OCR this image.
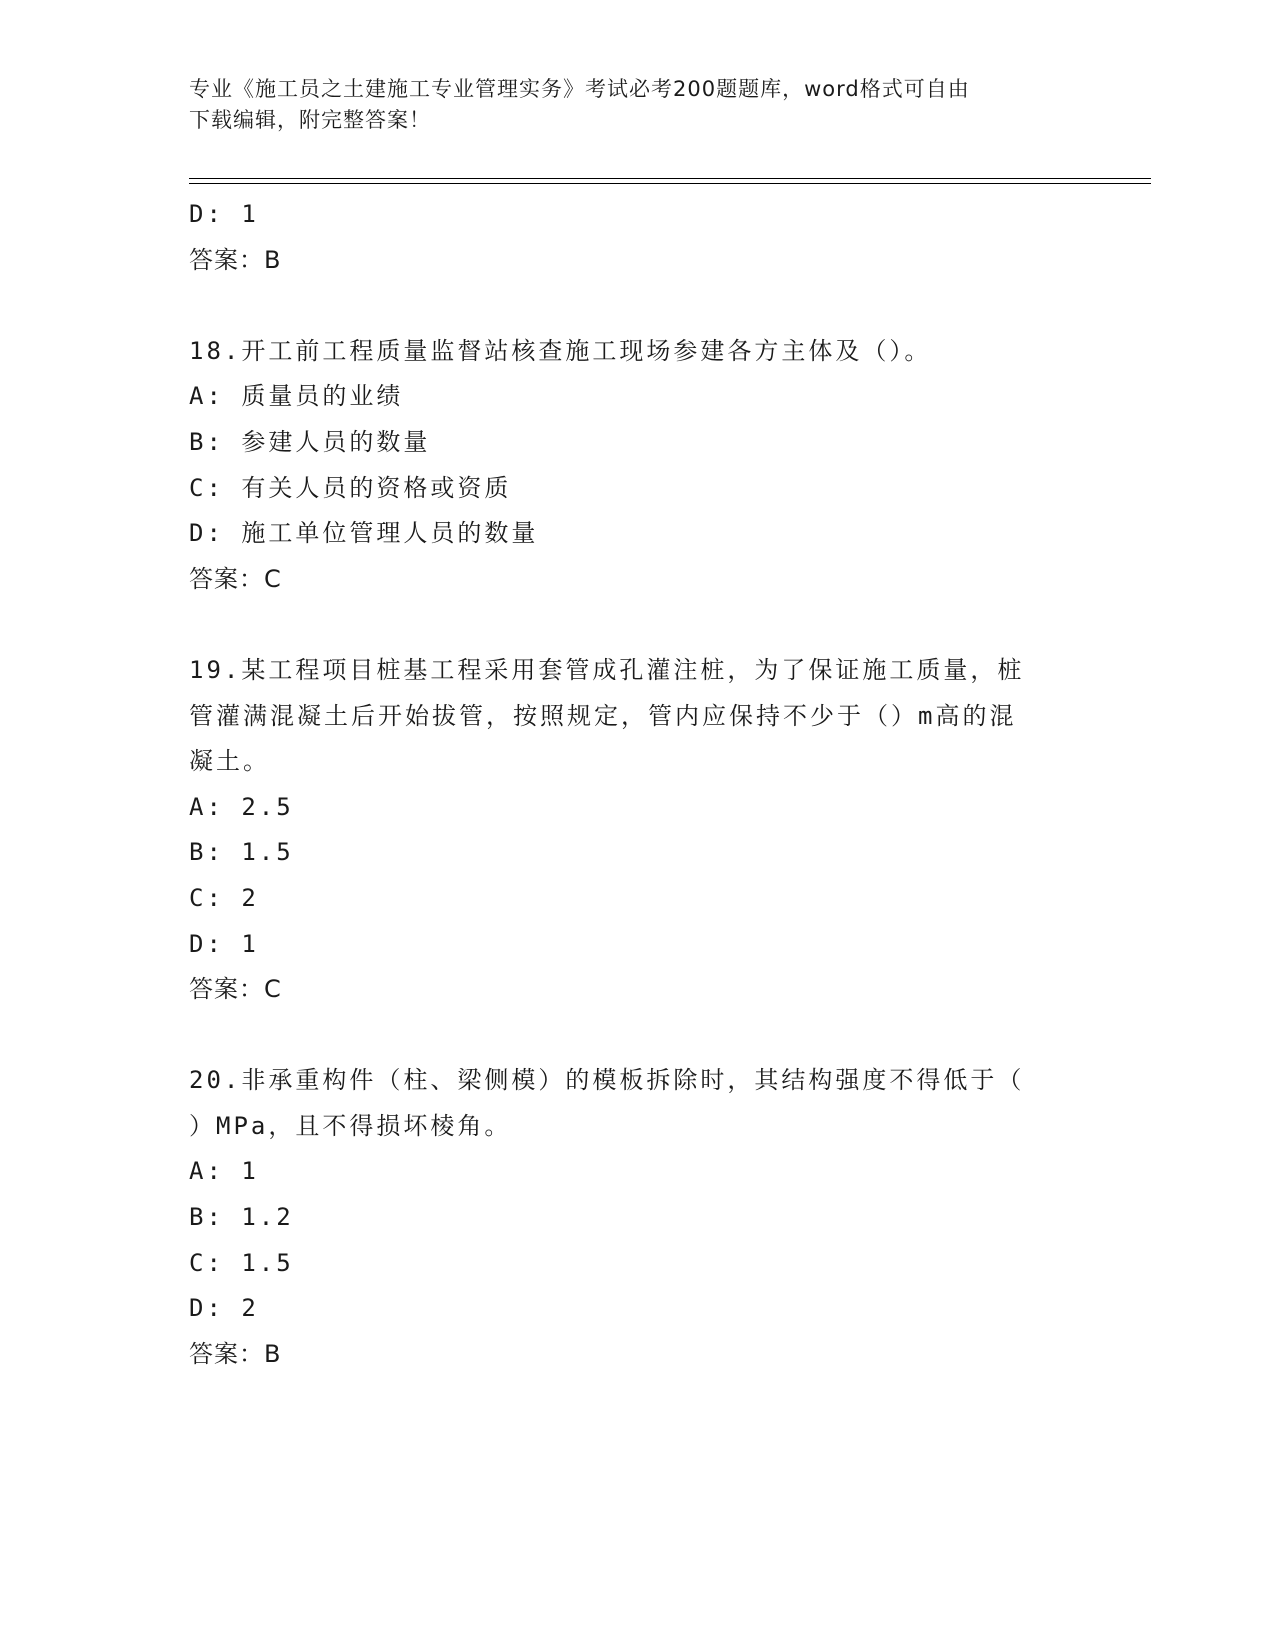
专业《施工员之土建施工专业管理实务》考试必考200题题库，word格式可自由
下载编辑，附完整答案！
D: 1
答案：B
18.开工前工程质量监督站核查施工现场参建各方主体及（）。
A: 质量员的业绩
B: 参建人员的数量
C: 有关人员的资格或资质
D: 施工单位管理人员的数量
答案：C
19.某工程项目桩基工程采用套管成孔灌注桩，为了保证施工质量，桩
管灌满混凝土后开始拔管，按照规定，管内应保持不少于（）m高的混
凝土。
A: 2.5
B: 1.5
C: 2
D: 1
答案：C
20.非承重构件（柱、梁侧模）的模板拆除时，其结构强度不得低于（
）MPa，且不得损坏棱角。
A: 1
B: 1.2
C: 1.5
D: 2
答案：B
